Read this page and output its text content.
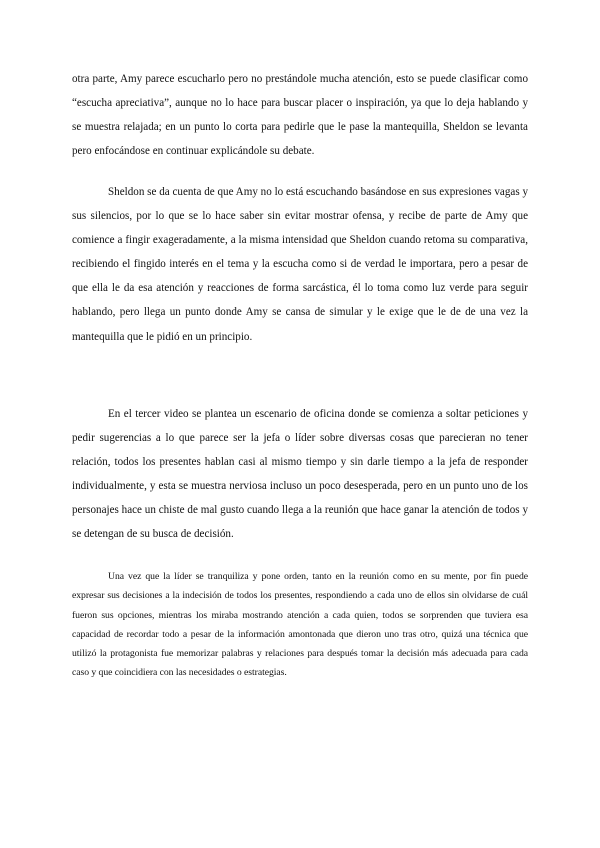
otra parte, Amy parece escucharlo pero no prestándole mucha atención, esto se puede clasificar como “escucha apreciativa”, aunque no lo hace para buscar placer o inspiración, ya que lo deja hablando y se muestra relajada; en un punto lo corta para pedirle que le pase la mantequilla, Sheldon se levanta pero enfocándose en continuar explicándole su debate.

Sheldon se da cuenta de que Amy no lo está escuchando basándose en sus expresiones vagas y sus silencios, por lo que se lo hace saber sin evitar mostrar ofensa, y recibe de parte de Amy que comience a fingir exageradamente, a la misma intensidad que Sheldon cuando retoma su comparativa, recibiendo el fingido interés en el tema y la escucha como si de verdad le importara, pero a pesar de que ella le da esa atención y reacciones de forma sarcástica, él lo toma como luz verde para seguir hablando, pero llega un punto donde Amy se cansa de simular y le exige que le de de una vez la mantequilla que le pidió en un principio.

En el tercer video se plantea un escenario de oficina donde se comienza a soltar peticiones y pedir sugerencias a lo que parece ser la jefa o líder sobre diversas cosas que parecieran no tener relación, todos los presentes hablan casi al mismo tiempo y sin darle tiempo a la jefa de responder individualmente, y esta se muestra nerviosa incluso un poco desesperada, pero en un punto uno de los personajes hace un chiste de mal gusto cuando llega a la reunión que hace ganar la atención de todos y se detengan de su busca de decisión.

Una vez que la líder se tranquiliza y pone orden, tanto en la reunión como en su mente, por fin puede expresar sus decisiones a la indecisión de todos los presentes, respondiendo a cada uno de ellos sin olvidarse de cuál fueron sus opciones, mientras los miraba mostrando atención a cada quien, todos se sorprenden que tuviera esa capacidad de recordar todo a pesar de la información amontonada que dieron uno tras otro, quizá una técnica que utilizó la protagonista fue memorizar palabras y relaciones para después tomar la decisión más adecuada para cada caso y que coincidiera con las necesidades o estrategias.
